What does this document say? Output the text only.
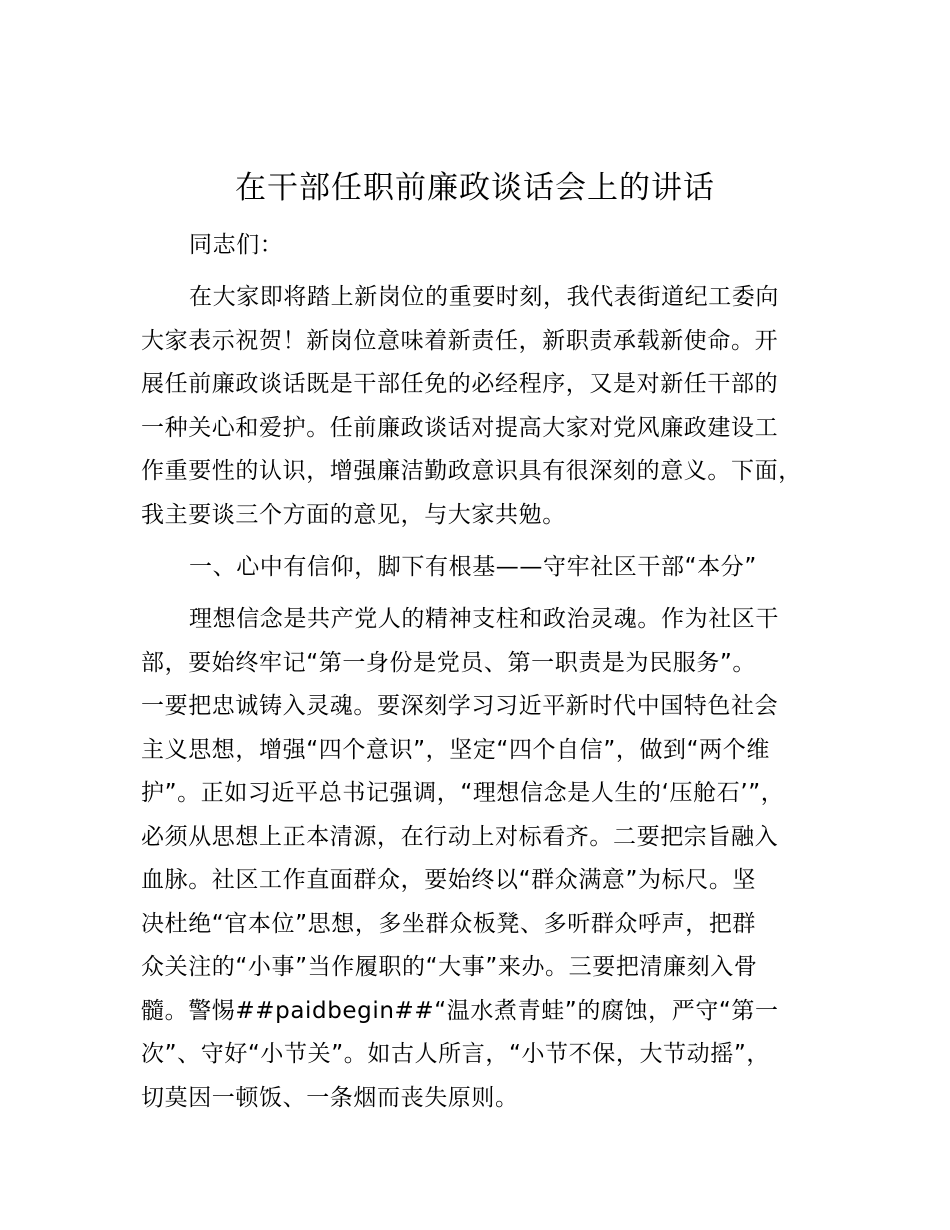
在干部任职前廉政谈话会上的讲话
同志们：
在大家即将踏上新岗位的重要时刻，我代表街道纪工委向
大家表示祝贺！新岗位意味着新责任，新职责承载新使命。开
展任前廉政谈话既是干部任免的必经程序，又是对新任干部的
一种关心和爱护。任前廉政谈话对提高大家对党风廉政建设工
作重要性的认识，增强廉洁勤政意识具有很深刻的意义。下面，
我主要谈三个方面的意见，与大家共勉。
一、心中有信仰，脚下有根基——守牢社区干部“本分”
理想信念是共产党人的精神支柱和政治灵魂。作为社区干
部，要始终牢记“第一身份是党员、第一职责是为民服务”。
一要把忠诚铸入灵魂。要深刻学习习近平新时代中国特色社会
主义思想，增强“四个意识”，坚定“四个自信”，做到“两个维
护”。正如习近平总书记强调，“理想信念是人生的‘压舱石’”，
必须从思想上正本清源，在行动上对标看齐。二要把宗旨融入
血脉。社区工作直面群众，要始终以“群众满意”为标尺。坚
决杜绝“官本位”思想，多坐群众板凳、多听群众呼声，把群
众关注的“小事”当作履职的“大事”来办。三要把清廉刻入骨
髓。警惕##paidbegin##“温水煮青蛙”的腐蚀，严守“第一
次”、守好“小节关”。如古人所言，“小节不保，大节动摇”，
切莫因一顿饭、一条烟而丧失原则。
